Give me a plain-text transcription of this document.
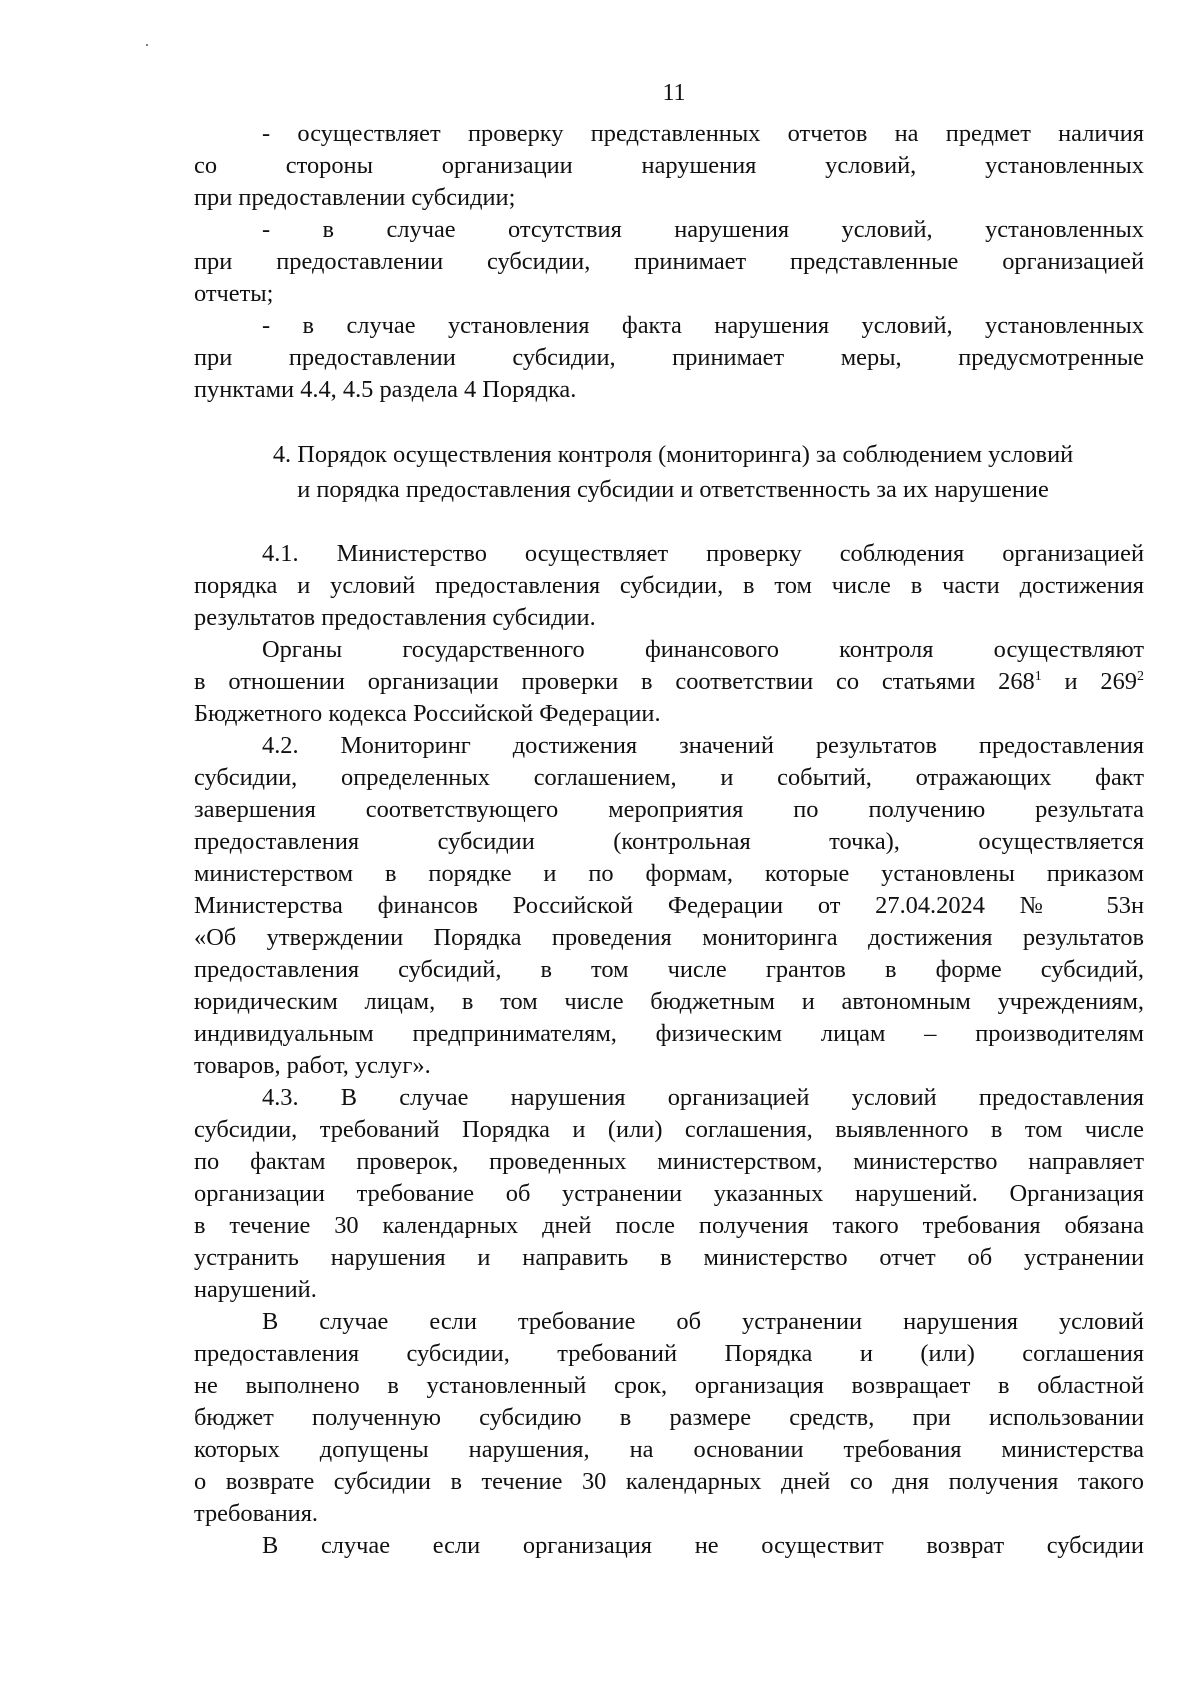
11
- осуществляет проверку представленных отчетов на предмет наличия
со стороны организации нарушения условий, установленных
при предоставлении субсидии;
- в случае отсутствия нарушения условий, установленных
при предоставлении субсидии, принимает представленные организацией
отчеты;
- в случае установления факта нарушения условий, установленных
при предоставлении субсидии, принимает меры, предусмотренные
пунктами 4.4, 4.5 раздела 4 Порядка.
4. Порядок осуществления контроля (мониторинга) за соблюдением условий
и порядка предоставления субсидии и ответственность за их нарушение
4.1. Министерство осуществляет проверку соблюдения организацией
порядка и условий предоставления субсидии, в том числе в части достижения
результатов предоставления субсидии.
Органы государственного финансового контроля осуществляют
в отношении организации проверки в соответствии со статьями $268^1$ и $269^2$
Бюджетного кодекса Российской Федерации.
4.2. Мониторинг достижения значений результатов предоставления
субсидии, определенных соглашением, и событий, отражающих факт
завершения соответствующего мероприятия по получению результата
предоставления субсидии (контрольная точка), осуществляется
министерством в порядке и по формам, которые установлены приказом
Министерства финансов Российской Федерации от 27.04.2024 № 53н
«Об утверждении Порядка проведения мониторинга достижения результатов
предоставления субсидий, в том числе грантов в форме субсидий,
юридическим лицам, в том числе бюджетным и автономным учреждениям,
индивидуальным предпринимателям, физическим лицам – производителям
товаров, работ, услуг».
4.3. В случае нарушения организацией условий предоставления
субсидии, требований Порядка и (или) соглашения, выявленного в том числе
по фактам проверок, проведенных министерством, министерство направляет
организации требование об устранении указанных нарушений. Организация
в течение 30 календарных дней после получения такого требования обязана
устранить нарушения и направить в министерство отчет об устранении
нарушений.
В случае если требование об устранении нарушения условий
предоставления субсидии, требований Порядка и (или) соглашения
не выполнено в установленный срок, организация возвращает в областной
бюджет полученную субсидию в размере средств, при использовании
которых допущены нарушения, на основании требования министерства
о возврате субсидии в течение 30 календарных дней со дня получения такого
требования.
В случае если организация не осуществит возврат субсидии
